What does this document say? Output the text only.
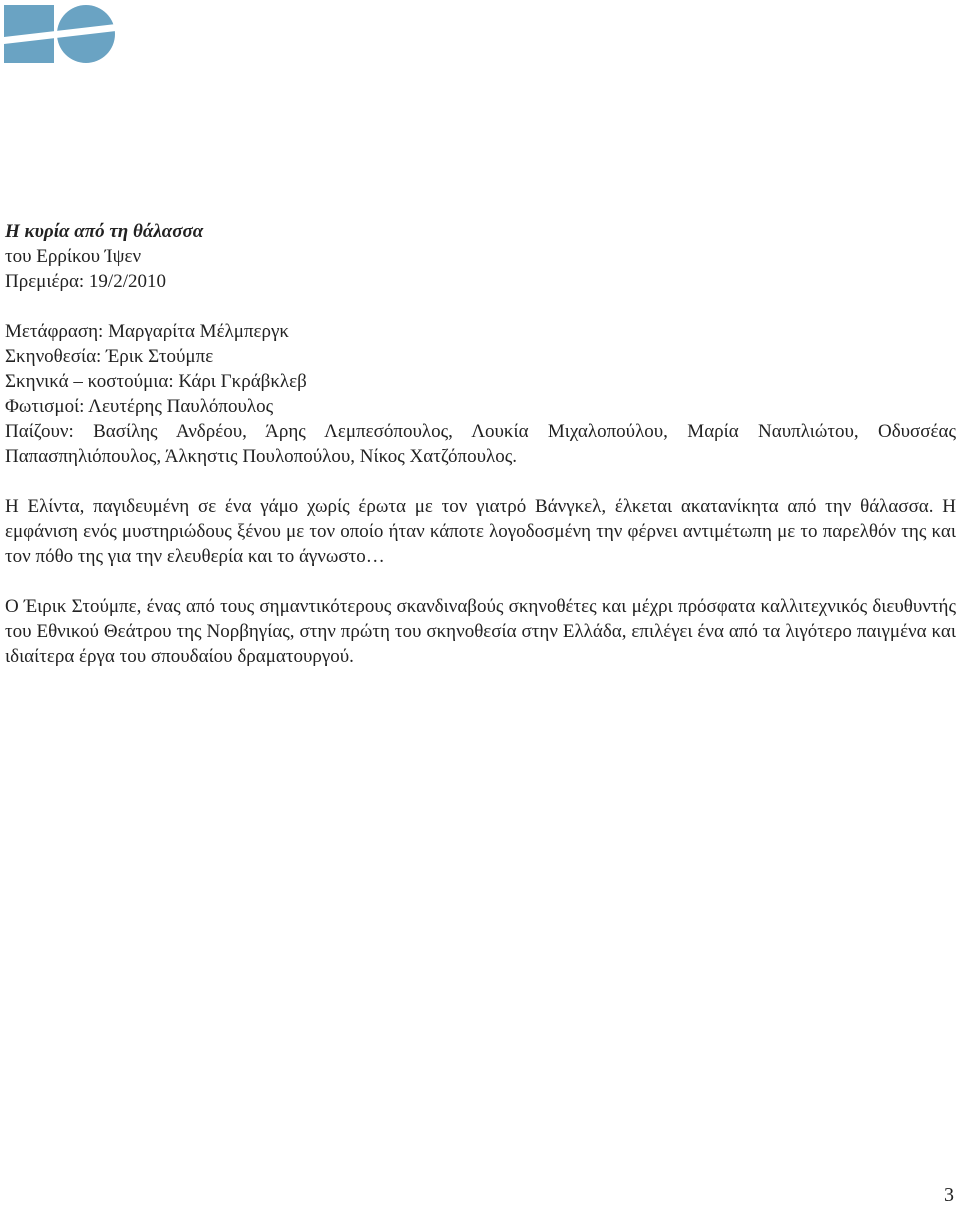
Η κυρία από τη θάλασσα
του Ερρίκου Ίψεν
Πρεμιέρα: 19/2/2010
Μετάφραση: Μαργαρίτα Μέλμπεργκ
Σκηνοθεσία: Έρικ Στούμπε
Σκηνικά – κοστούμια: Κάρι Γκράβκλεβ
Φωτισμοί: Λευτέρης Παυλόπουλος
Παίζουν: Βασίλης Ανδρέου, Άρης Λεμπεσόπουλος, Λουκία Μιχαλοπούλου, Μαρία Ναυπλιώτου, Οδυσσέας Παπασπηλιόπουλος, Άλκηστις Πουλοπούλου, Νίκος Χατζόπουλος.
Η Ελίντα, παγιδευμένη σε ένα γάμο χωρίς έρωτα με τον γιατρό Βάνγκελ, έλκεται ακατανίκητα από την θάλασσα. Η εμφάνιση ενός μυστηριώδους ξένου με τον οποίο ήταν κάποτε λογοδοσμένη την φέρνει αντιμέτωπη με το παρελθόν της και τον πόθο της για την ελευθερία και το άγνωστο…
Ο Έιρικ Στούμπε, ένας από τους σημαντικότερους σκανδιναβούς σκηνοθέτες και μέχρι πρόσφατα καλλιτεχνικός διευθυντής του Εθνικού Θεάτρου της Νορβηγίας, στην πρώτη του σκηνοθεσία στην Ελλάδα, επιλέγει ένα από τα λιγότερο παιγμένα και ιδιαίτερα έργα του σπουδαίου δραματουργού.
3
